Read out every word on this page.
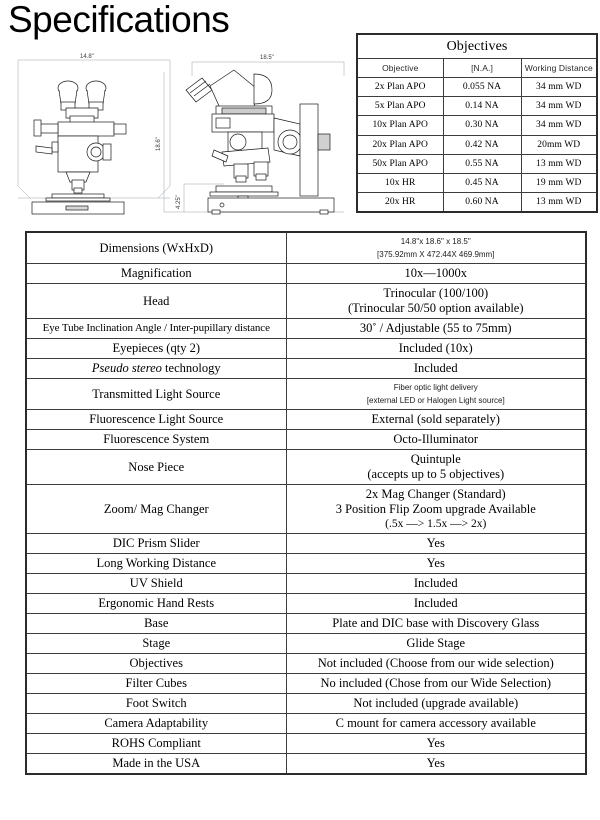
Specifications
14.8"	18.5"
18.6"
4.25"
Objectives		
Objective	[N.A.]	Working Distance
2x Plan APO	0.055 NA	34 mm WD
5x Plan APO	0.14 NA	34 mm WD
10x Plan APO	0.30 NA	34 mm WD
20x Plan APO	0.42 NA	20mm WD
50x Plan APO	0.55 NA	13 mm WD
10x HR	0.45 NA	19 mm WD
20x HR	0.60 NA	13 mm WD
Dimensions (WxHxD)	14.8"x 18.6" x 18.5"
[375.92mm X 472.44X 469.9mm]

Magnification	10x—1000x

Head	Trinocular (100/100)
(Trinocular 50/50 option available)

Eye Tube Inclination Angle / Inter-pupillary distance	30˚ / Adjustable (55 to 75mm)

Eyepieces (qty 2)	Included (10x)

Pseudo stereo technology	Included

Transmitted Light Source	Fiber optic light delivery
[external LED or Halogen Light source]

Fluorescence Light Source	External (sold separately)

Fluorescence System	Octo-Illuminator

Nose Piece	Quintuple
(accepts up to 5 objectives)

Zoom/ Mag Changer	2x Mag Changer (Standard)
3 Position Flip Zoom upgrade Available
(.5x —> 1.5x —> 2x)

DIC Prism Slider	Yes

Long Working Distance	Yes

UV Shield	Included

Ergonomic Hand Rests	Included

Base	Plate and DIC base with Discovery Glass

Stage	Glide Stage

Objectives	Not included (Choose from our wide selection)

Filter Cubes	No included (Chose from our Wide Selection)

Foot Switch	Not included (upgrade available)

Camera Adaptability	C mount for camera accessory available

ROHS Compliant	Yes

Made in the USA	Yes
